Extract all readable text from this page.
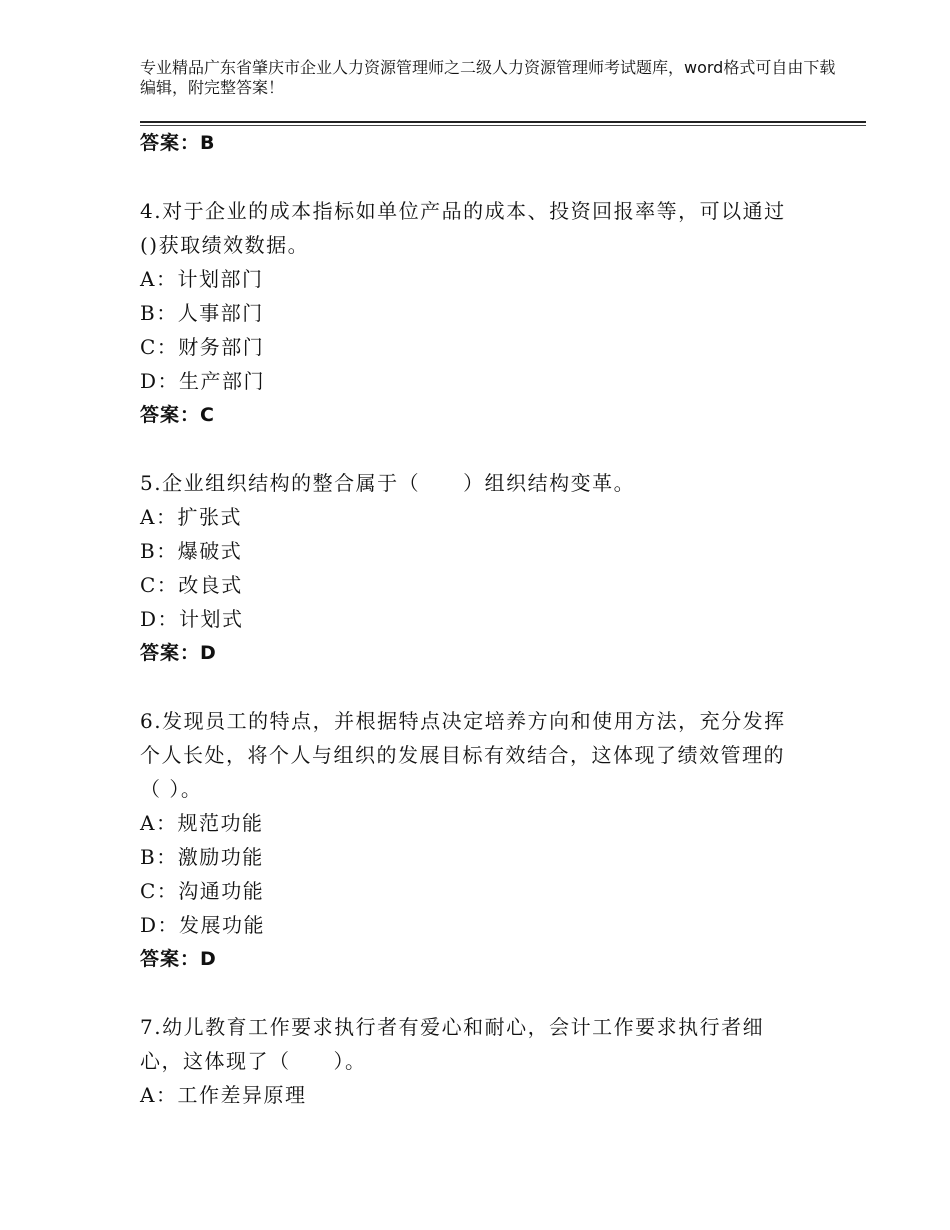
专业精品广东省肇庆市企业人力资源管理师之二级人力资源管理师考试题库，word格式可自由下载编辑，附完整答案！

答案：B

4.对于企业的成本指标如单位产品的成本、投资回报率等，可以通过

()获取绩效数据。

A：计划部门

B：人事部门

C：财务部门

D：生产部门

答案：C

5.企业组织结构的整合属于（　　）组织结构变革。

A：扩张式

B：爆破式

C：改良式

D：计划式

答案：D

6.发现员工的特点，并根据特点决定培养方向和使用方法，充分发挥

个人长处，将个人与组织的发展目标有效结合，这体现了绩效管理的

（ ）。

A：规范功能

B：激励功能

C：沟通功能

D：发展功能

答案：D

7.幼儿教育工作要求执行者有爱心和耐心，会计工作要求执行者细

心，这体现了（　　）。

A：工作差异原理
